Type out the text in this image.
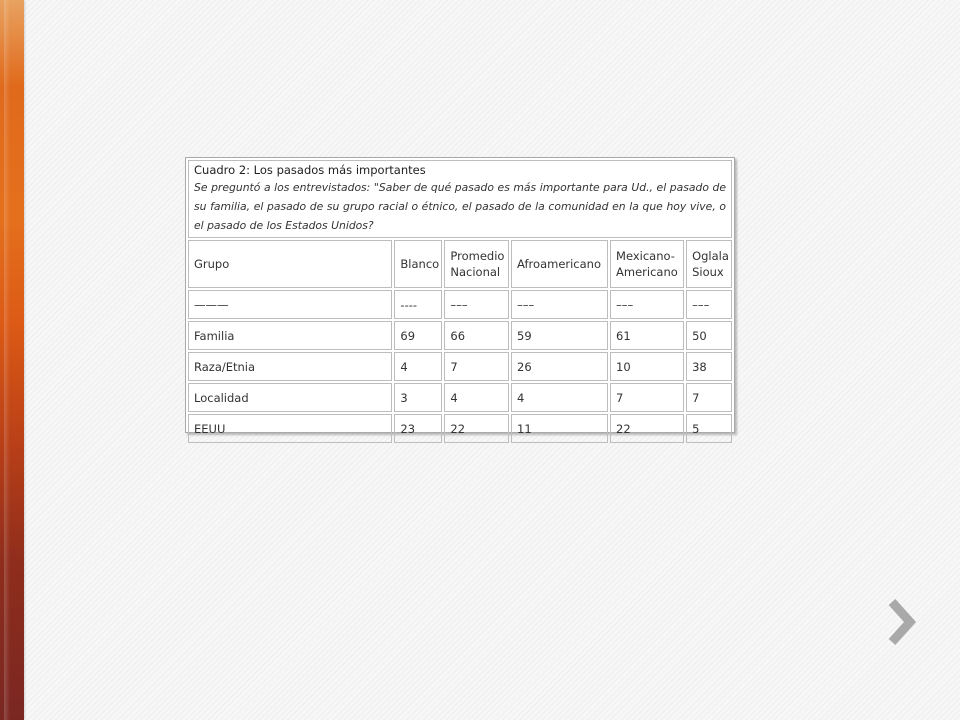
Cuadro 2: Los pasados más importantes
Se preguntó a los entrevistados: "Saber de qué pasado es más importante para Ud., el pasado de su familia, el pasado de su grupo racial o étnico, el pasado de la comunidad en la que hoy vive, o el pasado de los Estados Unidos?					

Grupo	Blanco	Promedio Nacional	Afroamericano	Mexicano-Americano	Oglala Sioux
———	----	–––	–––	–––	–––
Familia	69	66	59	61	50
Raza/Etnia	4	7	26	10	38
Localidad	3	4	4	7	7
EEUU	23	22	11	22	5
